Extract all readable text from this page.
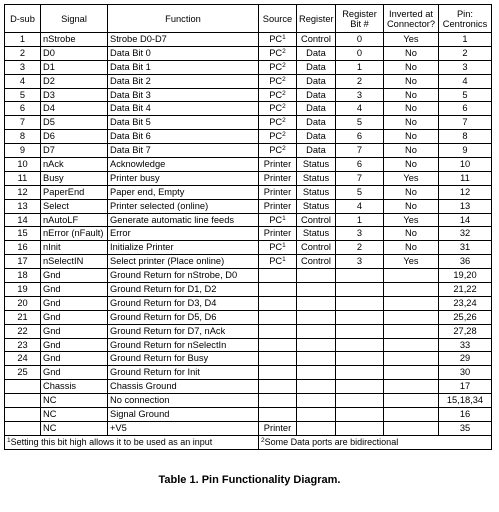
D-sub	Signal	Function	Source	Register	Register Bit #	Inverted at Connector?	Pin: Centronics
1	nStrobe	Strobe D0-D7	$PC^1$	Control	0	Yes	1
2	D0	Data Bit 0	$PC^2$	Data	0	No	2
3	D1	Data Bit 1	$PC^2$	Data	1	No	3
4	D2	Data Bit 2	$PC^2$	Data	2	No	4
5	D3	Data Bit 3	$PC^2$	Data	3	No	5
6	D4	Data Bit 4	$PC^2$	Data	4	No	6
7	D5	Data Bit 5	$PC^2$	Data	5	No	7
8	D6	Data Bit 6	$PC^2$	Data	6	No	8
9	D7	Data Bit 7	$PC^2$	Data	7	No	9
10	nAck	Acknowledge	Printer	Status	6	No	10
11	Busy	Printer busy	Printer	Status	7	Yes	11
12	PaperEnd	Paper end, Empty	Printer	Status	5	No	12
13	Select	Printer selected (online)	Printer	Status	4	No	13
14	nAutoLF	Generate automatic line feeds	$PC^1$	Control	1	Yes	14
15	nError (nFault)	Error	Printer	Status	3	No	32
16	nInit	Initialize Printer	$PC^1$	Control	2	No	31
17	nSelectIN	Select printer (Place online)	$PC^1$	Control	3	Yes	36
18	Gnd	Ground Return for nStrobe, D0					19,20
19	Gnd	Ground Return for D1, D2					21,22
20	Gnd	Ground Return for D3, D4					23,24
21	Gnd	Ground Return for D5, D6					25,26
22	Gnd	Ground Return for D7, nAck					27,28
23	Gnd	Ground Return for nSelectIn					33
24	Gnd	Ground Return for Busy					29
25	Gnd	Ground Return for Init					30
	Chassis	Chassis Ground					17
	NC	No connection					15,18,34
	NC	Signal Ground					16
	NC	+V5	Printer				35
$^1$Setting this bit high allows it to be used as an input			$^2$Some Data ports are bidirectional				
Table 1. Pin Functionality Diagram.
